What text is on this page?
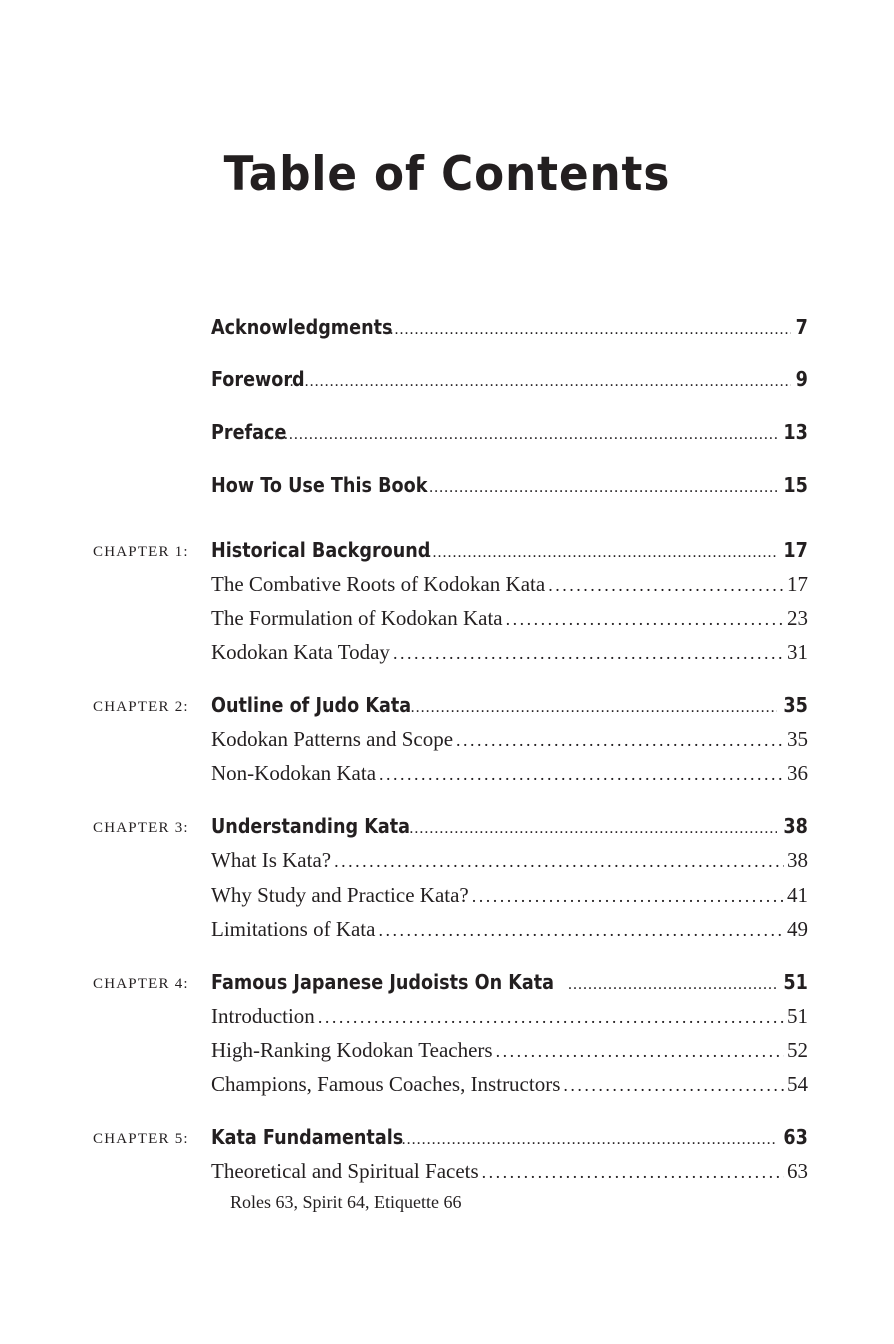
Table of Contents
Acknowledgments .....	7
Foreword .....	9
Preface .....	13
How To Use This Book .....	15
CHAPTER 1: Historical Background .....	17
The Combative Roots of Kodokan Kata .....	17
The Formulation of Kodokan Kata .....	23
Kodokan Kata Today .....	31
CHAPTER 2: Outline of Judo Kata .....	35
Kodokan Patterns and Scope .....	35
Non-Kodokan Kata .....	36
CHAPTER 3: Understanding Kata .....	38
What Is Kata? .....	38
Why Study and Practice Kata? .....	41
Limitations of Kata .....	49
CHAPTER 4: Famous Japanese Judoists On Kata .....	51
Introduction .....	51
High-Ranking Kodokan Teachers .....	52
Champions, Famous Coaches, Instructors .....	54
CHAPTER 5: Kata Fundamentals .....	63
Theoretical and Spiritual Facets .....	63
Roles 63, Spirit 64, Etiquette 66
